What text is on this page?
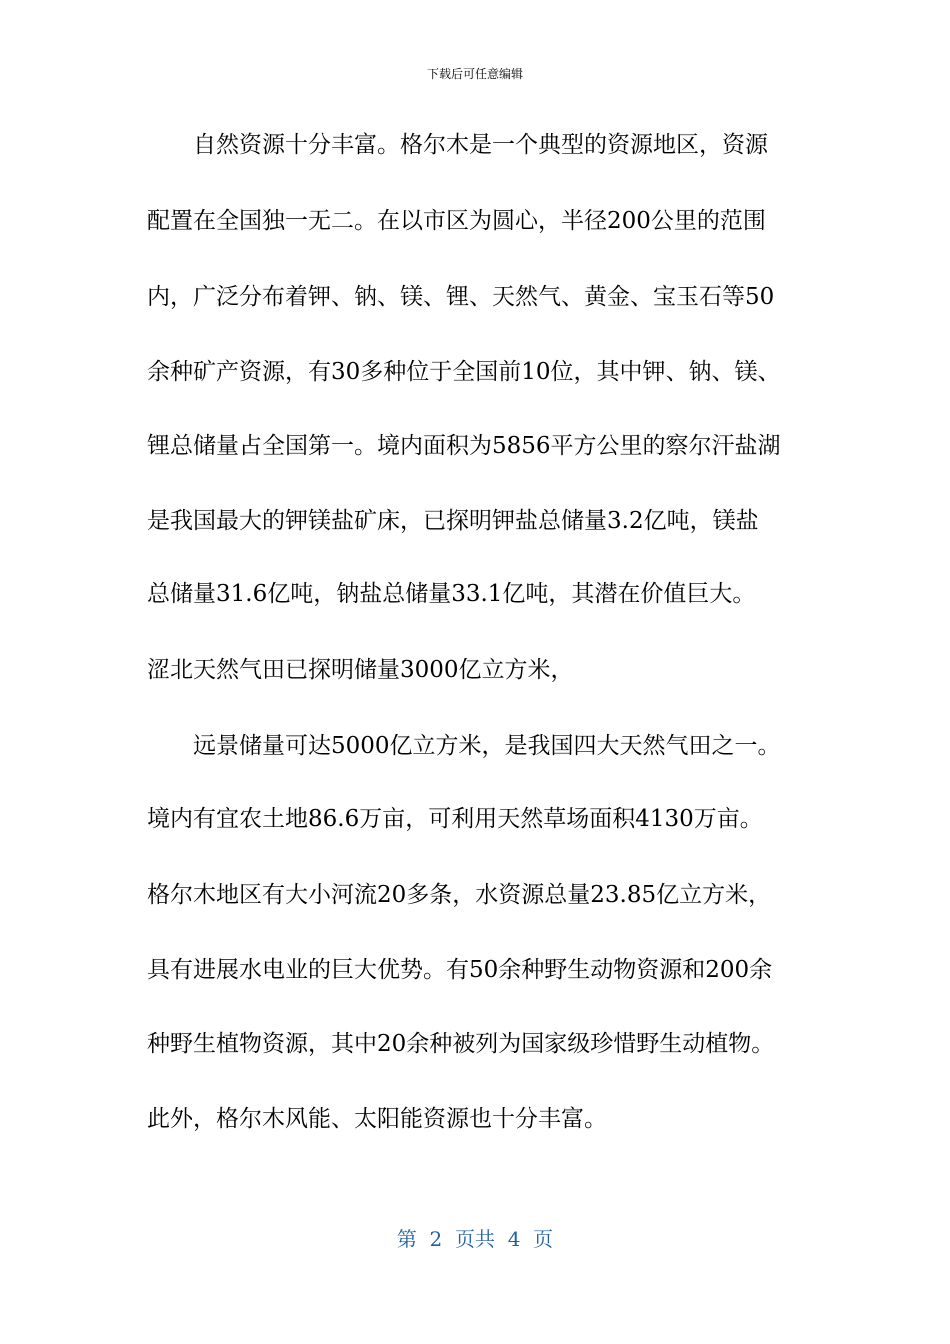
下载后可任意编辑
自然资源十分丰富。格尔木是一个典型的资源地区，资源
配置在全国独一无二。在以市区为圆心，半径200公里的范围
内，广泛分布着钾、钠、镁、锂、天然气、黄金、宝玉石等50
余种矿产资源，有30多种位于全国前10位，其中钾、钠、镁、
锂总储量占全国第一。境内面积为5856平方公里的察尔汗盐湖
是我国最大的钾镁盐矿床，已探明钾盐总储量3.2亿吨，镁盐
总储量31.6亿吨，钠盐总储量33.1亿吨，其潜在价值巨大。
涩北天然气田已探明储量3000亿立方米，
远景储量可达5000亿立方米，是我国四大天然气田之一。
境内有宜农土地86.6万亩，可利用天然草场面积4130万亩。
格尔木地区有大小河流20多条，水资源总量23.85亿立方米，
具有进展水电业的巨大优势。有50余种野生动物资源和200余
种野生植物资源，其中20余种被列为国家级珍惜野生动植物。
此外，格尔木风能、太阳能资源也十分丰富。
第  2  页共  4  页
